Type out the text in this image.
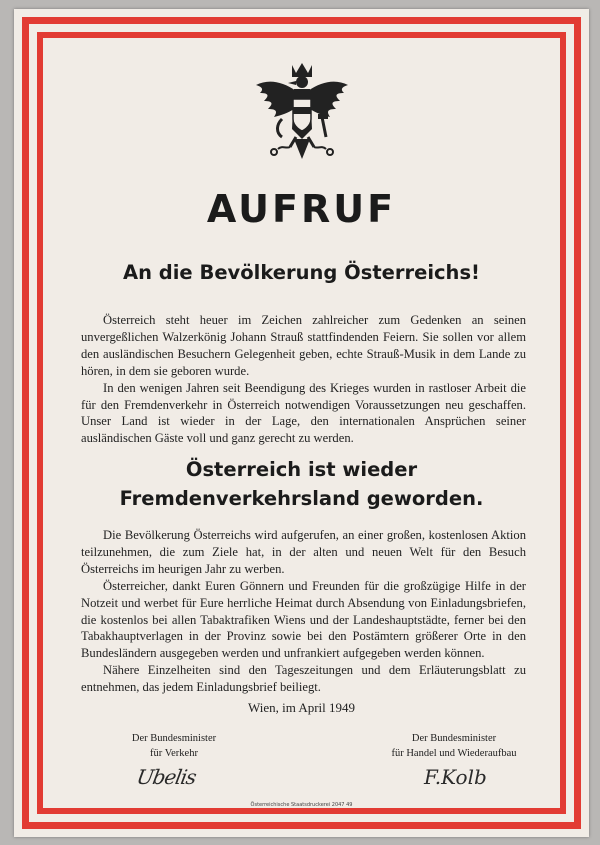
AUFRUF
An die Bevölkerung Österreichs!

Österreich steht heuer im Zeichen zahlreicher zum Gedenken an seinen unvergeßlichen Walzerkönig Johann Strauß stattfindenden Feiern. Sie sollen vor allem den ausländischen Besuchern Gelegenheit geben, echte Strauß-Musik in dem Lande zu hören, in dem sie geboren wurde.

In den wenigen Jahren seit Beendigung des Krieges wurden in rastloser Arbeit die für den Fremdenverkehr in Österreich notwendigen Voraussetzungen neu geschaffen. Unser Land ist wieder in der Lage, den internationalen Ansprüchen seiner ausländischen Gäste voll und ganz gerecht zu werden.

Österreich ist wieder
Fremdenverkehrsland geworden.

Die Bevölkerung Österreichs wird aufgerufen, an einer großen, kostenlosen Aktion teilzunehmen, die zum Ziele hat, in der alten und neuen Welt für den Besuch Österreichs im heurigen Jahr zu werben.

Österreicher, dankt Euren Gönnern und Freunden für die großzügige Hilfe in der Notzeit und werbet für Eure herrliche Heimat durch Absendung von Einladungsbriefen, die kostenlos bei allen Tabaktrafiken Wiens und der Landeshauptstädte, ferner bei den Tabakhauptverlagen in der Provinz sowie bei den Postämtern größerer Orte in den Bundesländern ausgegeben werden und unfrankiert aufgegeben werden können.

Nähere Einzelheiten sind den Tageszeitungen und dem Erläuterungsblatt zu entnehmen, das jedem Einladungsbrief beiliegt.

Wien, im April 1949
Der Bundesminister
für Verkehr
Der Bundesminister
für Handel und Wiederaufbau
Ubelis	F.Kolb
Österreichische Staatsdruckerei 2047 49
